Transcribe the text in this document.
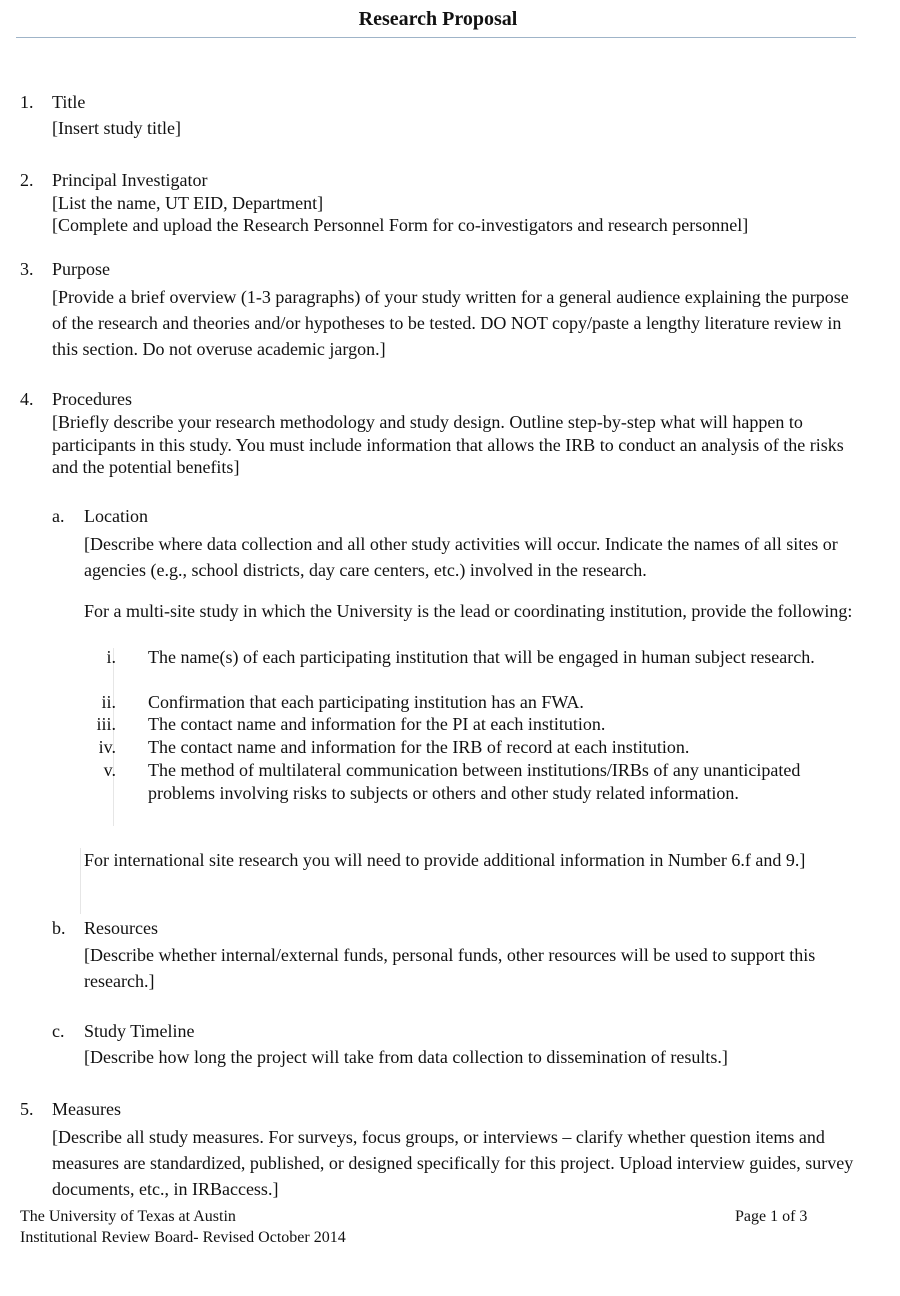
Research Proposal
1. Title
[Insert study title]
2. Principal Investigator
[List the name, UT EID, Department]
[Complete and upload the Research Personnel Form for co-investigators and research personnel]
3. Purpose
[Provide a brief overview (1-3 paragraphs) of your study written for a general audience explaining the purpose of the research and theories and/or hypotheses to be tested. DO NOT copy/paste a lengthy literature review in this section. Do not overuse academic jargon.]
4. Procedures
[Briefly describe your research methodology and study design. Outline step-by-step what will happen to participants in this study. You must include information that allows the IRB to conduct an analysis of the risks and the potential benefits]
a. Location
[Describe where data collection and all other study activities will occur. Indicate the names of all sites or agencies (e.g., school districts, day care centers, etc.) involved in the research.
For a multi-site study in which the University is the lead or coordinating institution, provide the following:
i. The name(s) of each participating institution that will be engaged in human subject research.
ii. Confirmation that each participating institution has an FWA.
iii. The contact name and information for the PI at each institution.
iv. The contact name and information for the IRB of record at each institution.
v. The method of multilateral communication between institutions/IRBs of any unanticipated problems involving risks to subjects or others and other study related information.
For international site research you will need to provide additional information in Number 6.f and 9.]
b. Resources
[Describe whether internal/external funds, personal funds, other resources will be used to support this research.]
c. Study Timeline
[Describe how long the project will take from data collection to dissemination of results.]
5. Measures
[Describe all study measures. For surveys, focus groups, or interviews – clarify whether question items and measures are standardized, published, or designed specifically for this project. Upload interview guides, survey documents, etc., in IRBaccess.]
The University of Texas at Austin
Institutional Review Board- Revised October 2014
Page 1 of 3
